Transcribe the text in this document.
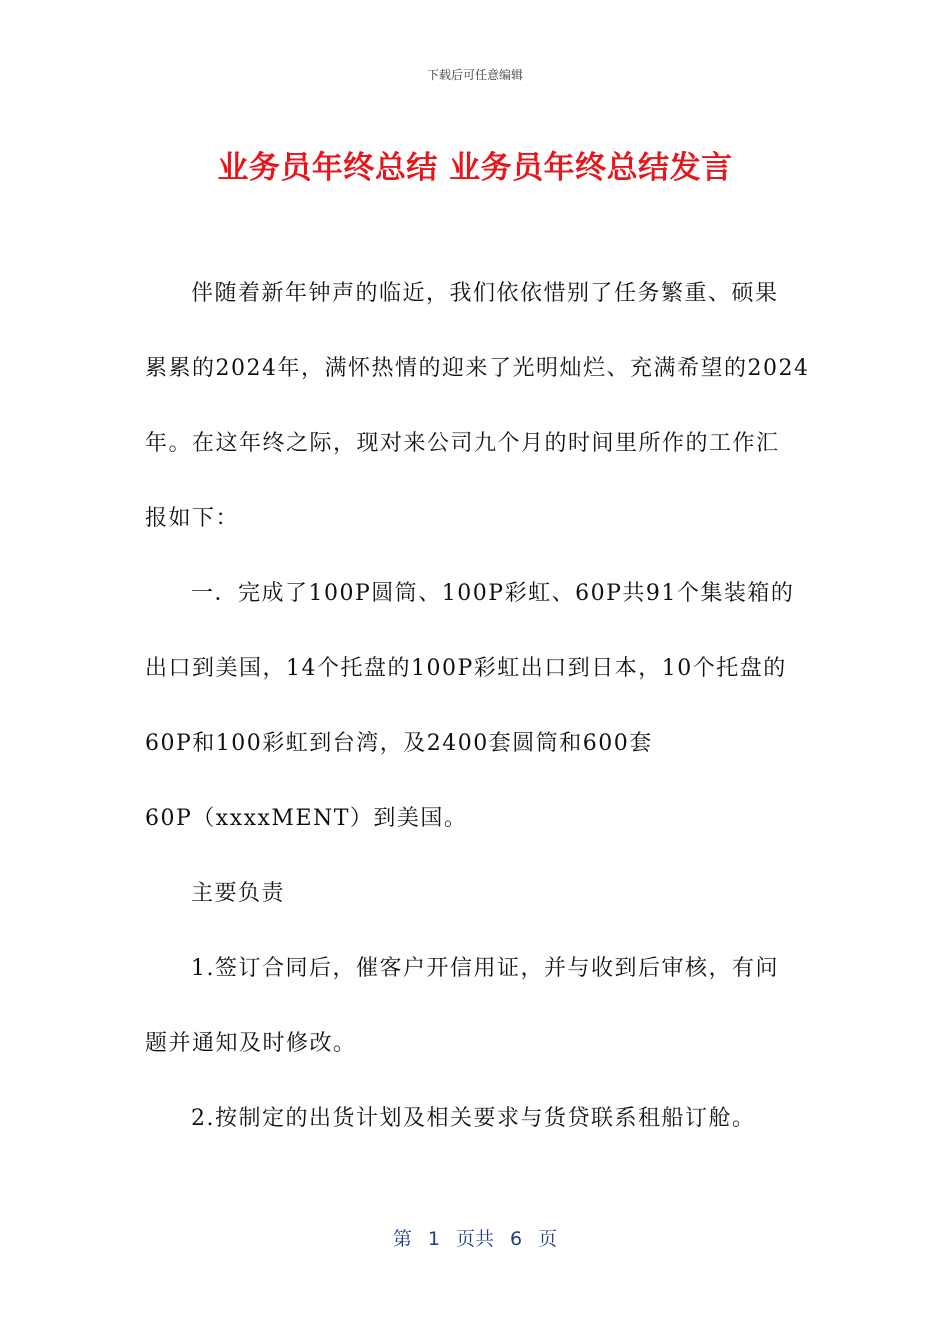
下载后可任意编辑
业务员年终总结 业务员年终总结发言
伴随着新年钟声的临近，我们依依惜别了任务繁重、硕果
累累的2024年，满怀热情的迎来了光明灿烂、充满希望的2024
年。在这年终之际，现对来公司九个月的时间里所作的工作汇
报如下：
一．完成了100P圆筒、100P彩虹、60P共91个集装箱的
出口到美国，14个托盘的100P彩虹出口到日本，10个托盘的
60P和100彩虹到台湾，及2400套圆筒和600套
60P（xxxxMENT）到美国。
主要负责
1.签订合同后，催客户开信用证，并与收到后审核，有问
题并通知及时修改。
2.按制定的出货计划及相关要求与货贷联系租船订舱。
第 1 页共 6 页
